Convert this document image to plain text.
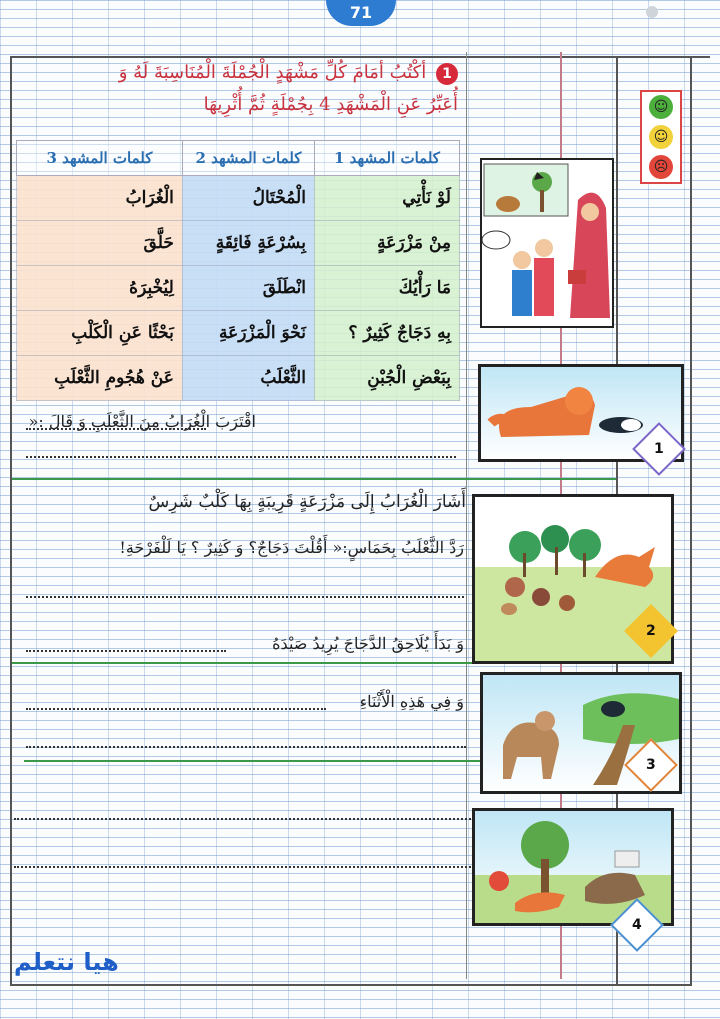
71
1 أكْتُبُ أمَامَ كُلِّ مَشْهَدٍ الْجُمْلَةَ الْمُنَاسِبَةَ لَهُ وَ
أُعَبِّرُ عَنِ الْمَشْهَدِ 4 بِجُمْلَةٍ ثُمَّ أُثْرِيهَا	☺
☺
☹
كلمات المشهد 1	كلمات المشهد 2	كلمات المشهد 3
لَوْ نَأْتِي	الْمُحْتَالُ	الْغُرَابُ
مِنْ مَزْرَعَةٍ	بِسُرْعَةٍ فَائِقَةٍ	حَلَّقَ
مَا رَأْيُكَ	انْطَلَقَ	لِيُخْبِرَهُ
بِهِ دَجَاجٌ كَثِيرٌ ؟	نَحْوَ الْمَزْرَعَةِ	بَحْثًا عَنِ الْكَلْبِ
بِبَعْضِ الْجُبْنِ	الثَّعْلَبُ	عَنْ هُجُومِ الثَّعْلَبِ
اقْتَرَبَ الْغُرَابُ مِنَ الثَّعْلَبِ وَ قَالَ :«
أَشَارَ الْغُرَابُ إِلَى مَزْرَعَةٍ قَرِيبَةٍ بِهَا كَلْبٌ شَرِسٌ
رَدَّ الثَّعْلَبُ بِحَمَاسٍ:« أَقُلْتَ دَجَاجٌ؟ وَ كَثِيرٌ ؟ يَا لَلْفَرْحَةِ!
وَ بَدَأَ يُلَاحِقُ الدَّجَاجَ يُرِيدُ صَيْدَهُ
وَ فِي هَذِهِ الْأَثْنَاءِ
1
2
3
4
هيا نتعلم
